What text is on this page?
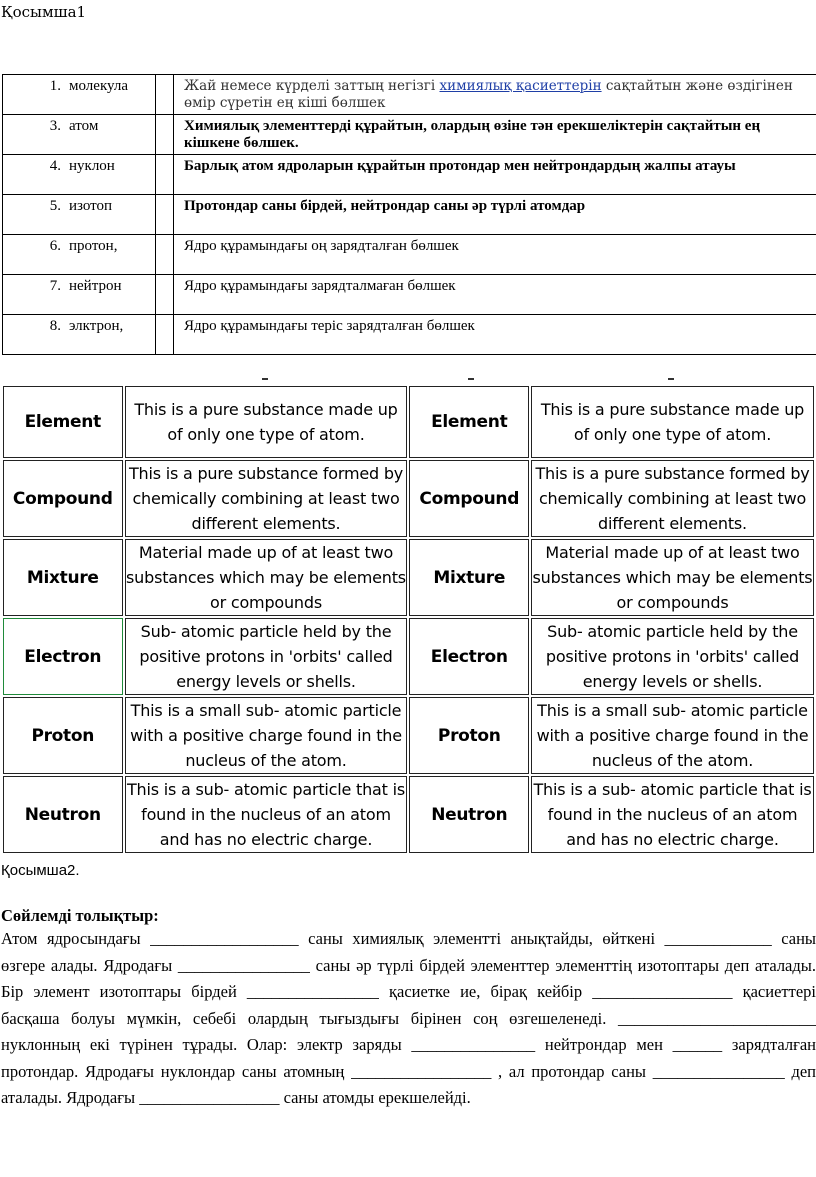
Қосымша1
1.	молекула		Жай немесе күрделі заттың негізгі химиялық қасиеттерін сақтайтын және өздігінен өмір сүретін ең кіші бөлшек
3.	атом		Химиялық элементтерді құрайтын, олардың өзіне тән ерекшеліктерін сақтайтын ең кішкене бөлшек.
4.	нуклон		Барлық атом ядроларын құрайтын протондар мен нейтрондардың жалпы атауы
5.	изотоп		Протондар саны бірдей, нейтрондар саны әр түрлі атомдар
6.	протон,		Ядро құрамындағы оң зарядталған бөлшек
7.	нейтрон		Ядро құрамындағы зарядталмаған бөлшек
8.	элктрон,		Ядро құрамындағы теріс зарядталған бөлшек
Element	This is a pure substance made up of only one type of atom.	Element	This is a pure substance made up of only one type of atom.
Compound	This is a pure substance formed by chemically combining at least two different elements.	Compound	This is a pure substance formed by chemically combining at least two different elements.
Mixture	Material made up of at least two substances which may be elements or compounds	Mixture	Material made up of at least two substances which may be elements or compounds
Electron	Sub- atomic particle held by the positive protons in 'orbits' called energy levels or shells.	Electron	Sub- atomic particle held by the positive protons in 'orbits' called energy levels or shells.
Proton	This is a small sub- atomic particle with a positive charge found in the nucleus of the atom.	Proton	This is a small sub- atomic particle with a positive charge found in the nucleus of the atom.
Neutron	This is a sub- atomic particle that is found in the nucleus of an atom and has no electric charge.	Neutron	This is a sub- atomic particle that is found in the nucleus of an atom and has no electric charge.
Қосымша2.
Сөйлемді толықтыр:
Атом ядросындағы __________________ саны химиялық элементті анықтайды, өйткені _____________ саны өзгере алады. Ядродағы ________________ саны әр түрлі бірдей элементтер элементтің изотоптары деп аталады. Бір элемент изотоптары бірдей ________________ қасиетке ие, бірақ кейбір _________________ қасиеттері басқаша болуы мүмкін, себебі олардың тығыздығы бірінен соң өзгешеленеді. ________________________ нуклонның екі түрінен тұрады. Олар: электр заряды _______________ нейтрондар мен ______ зарядталған протондар. Ядродағы нуклондар саны атомның _________________ , ал протондар саны ________________ деп аталады. Ядродағы _________________ саны атомды ерекшелейді.
